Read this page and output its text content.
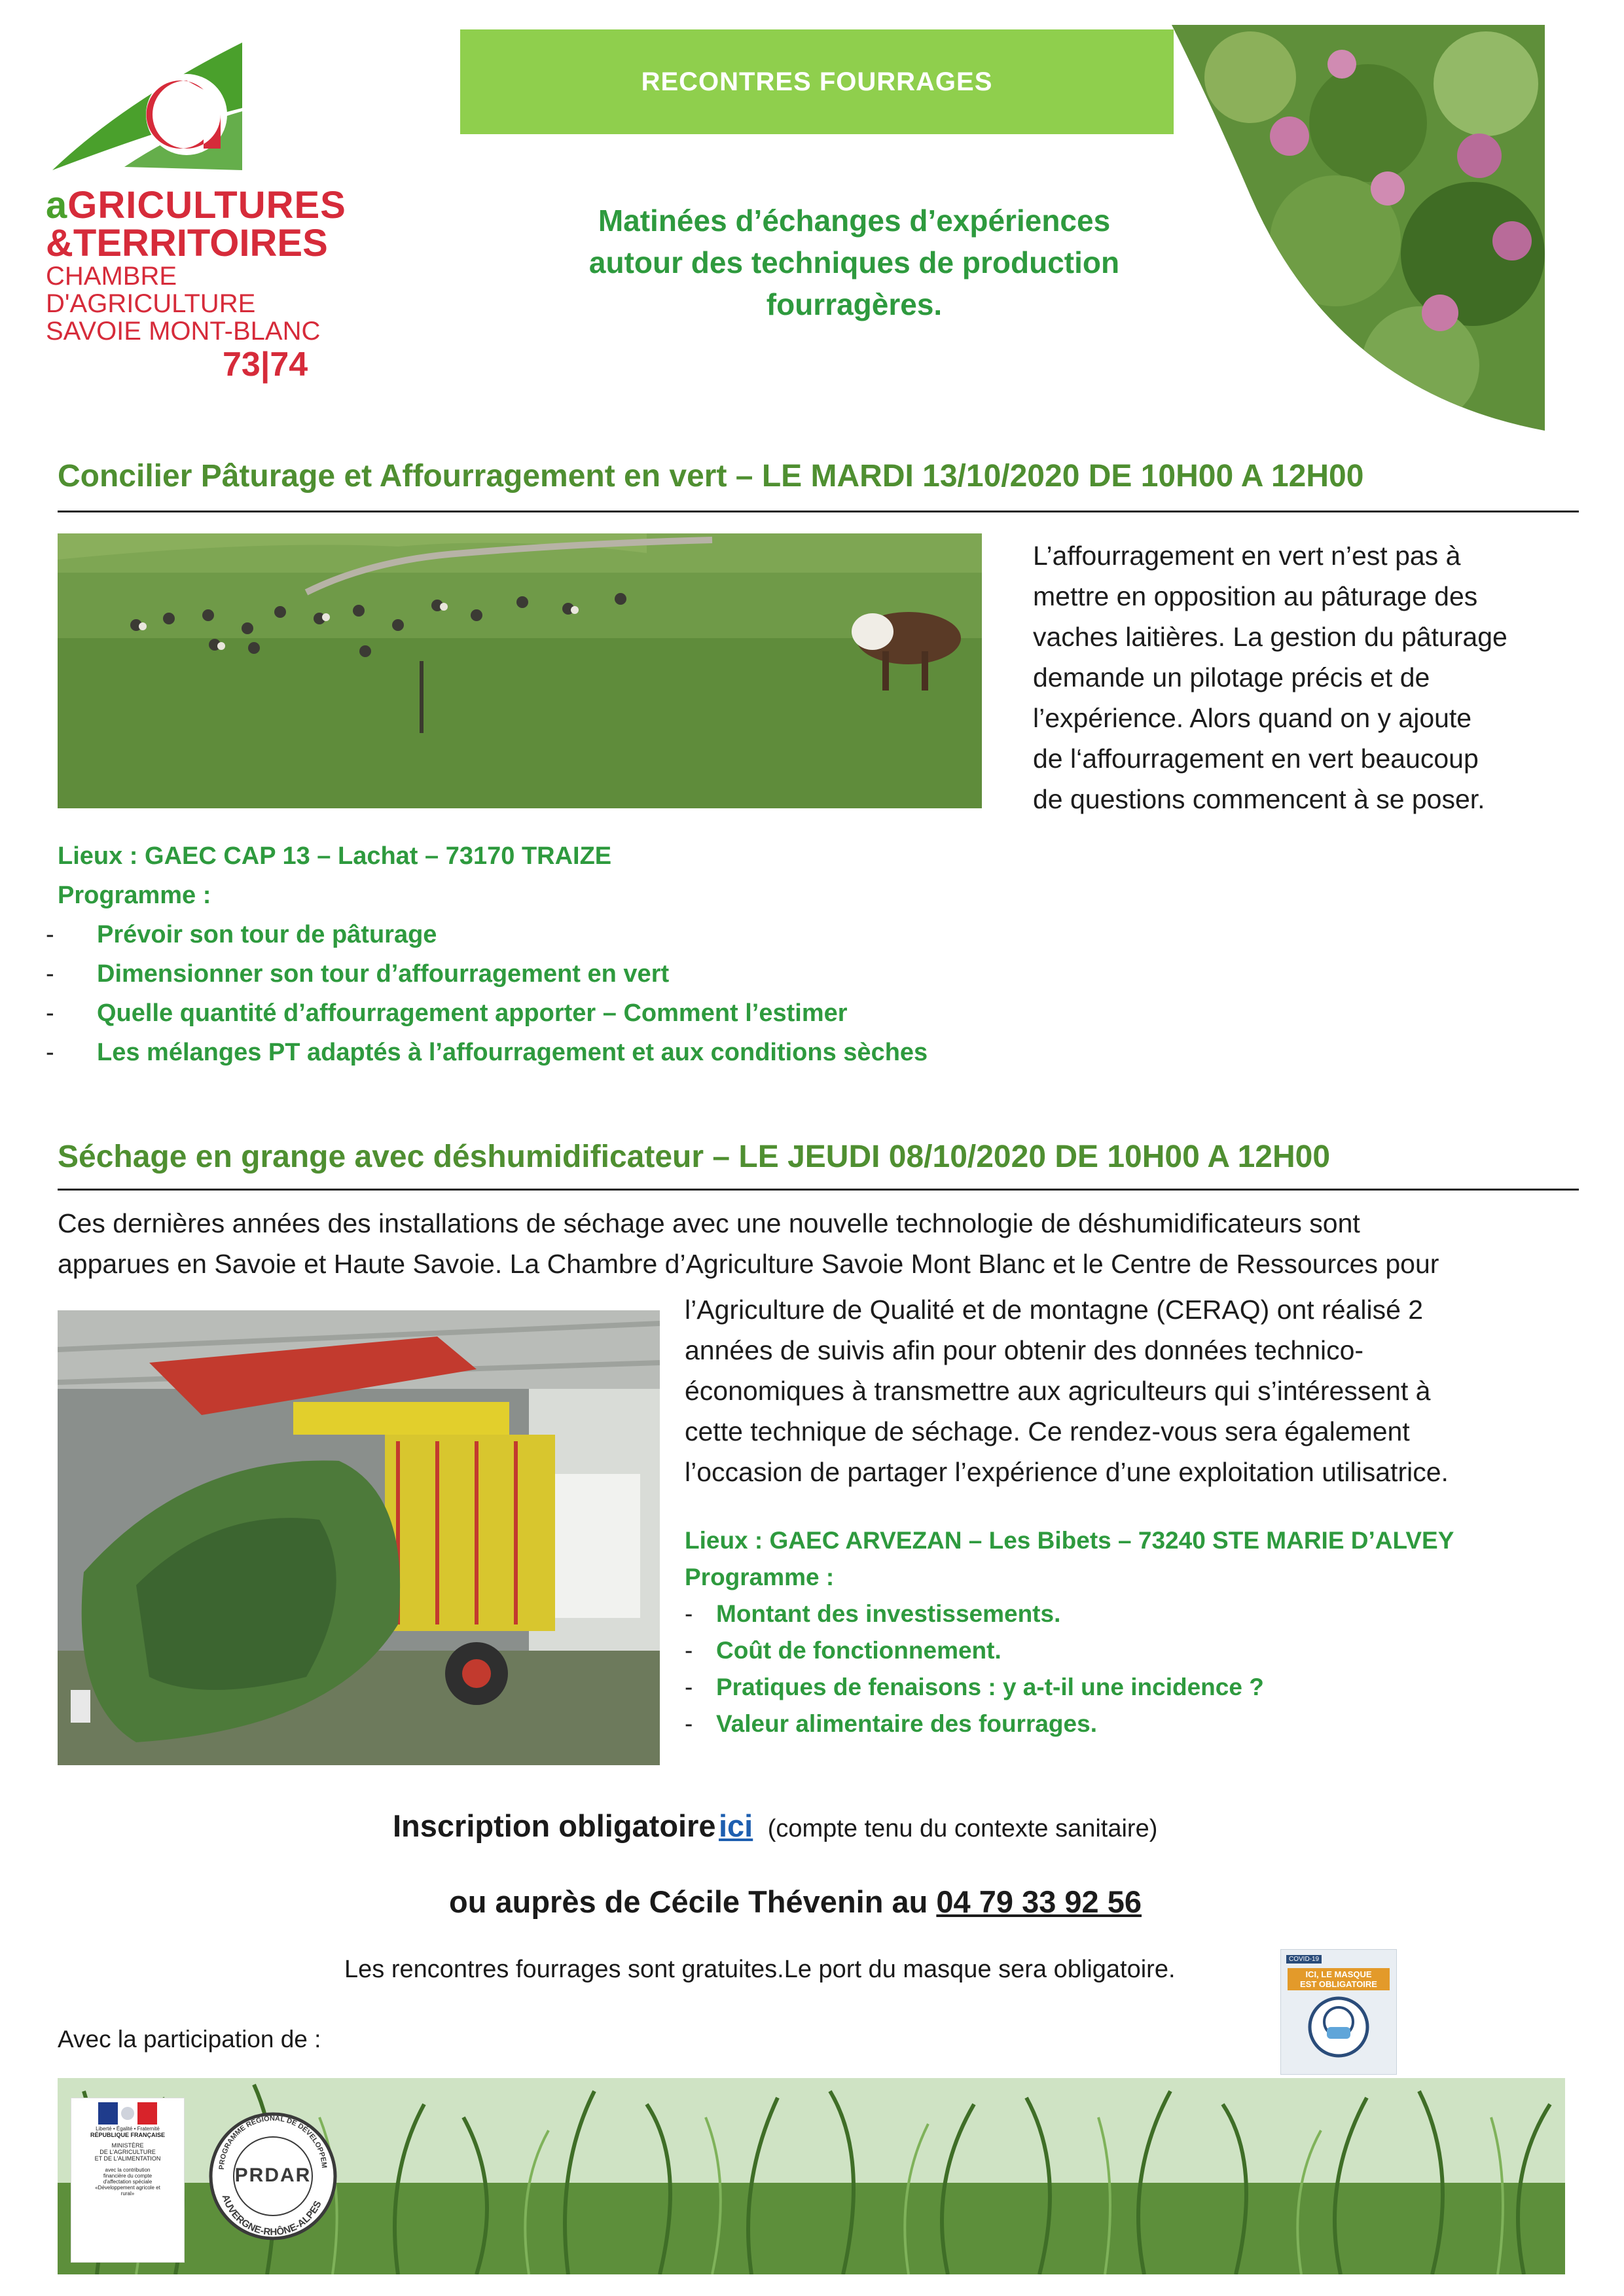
aGRICULTURES
&TERRITOIRES
CHAMBRE D'AGRICULTURE
SAVOIE MONT-BLANC
73|74
RECONTRES FOURRAGES
Matinées d’échanges d’expériences
autour des techniques de production
fourragères.
Concilier Pâturage et Affourragement en vert – LE MARDI 13/10/2020 DE 10H00 A 12H00
L’affourragement en vert n’est pas à
mettre en opposition au pâturage des
vaches laitières. La gestion du pâturage
demande un pilotage précis et de
l’expérience. Alors quand on y ajoute
de l‘affourragement en vert beaucoup
de questions commencent à se poser.
Lieux : GAEC CAP 13 – Lachat – 73170 TRAIZE
Programme :
- Prévoir son tour de pâturage
- Dimensionner son tour d’affourragement en vert
- Quelle quantité d’affourragement apporter – Comment l’estimer
- Les mélanges PT adaptés à l’affourragement et aux conditions sèches
Séchage en grange avec déshumidificateur – LE JEUDI 08/10/2020 DE 10H00 A 12H00
Ces dernières années des installations de séchage avec une nouvelle technologie de déshumidificateurs sont
apparues en Savoie et Haute Savoie. La Chambre d’Agriculture Savoie Mont Blanc et le Centre de Ressources pour
l’Agriculture de Qualité et de montagne (CERAQ) ont réalisé 2
années de suivis afin pour obtenir des données technico-
économiques à transmettre aux agriculteurs qui s’intéressent à
cette technique de séchage. Ce rendez-vous sera également
l’occasion de partager l’expérience d’une exploitation utilisatrice.
Lieux : GAEC ARVEZAN – Les Bibets – 73240 STE MARIE D’ALVEY
Programme :
- Montant des investissements.
- Coût de fonctionnement.
- Pratiques de fenaisons : y a-t-il une incidence ?
- Valeur alimentaire des fourrages.
Inscription obligatoire ici (compte tenu du contexte sanitaire)
ou auprès de Cécile Thévenin au 04 79 33 92 56
Les rencontres fourrages sont gratuites.Le port du masque sera obligatoire.	COVID-19
ICI, LE MASQUE
EST OBLIGATOIRE
Avec la participation de :
Liberté • Égalité • Fraternité
RÉPUBLIQUE FRANÇAISE
MINISTÈRE
DE L'AGRICULTURE
ET DE L'ALIMENTATION
avec la contribution
financière du compte
d'affectation spéciale
«Développement agricole et
rural»
PROGRAMME RÉGIONAL DE DÉVELOPPEM
AUVERGNE-RHÔNE-ALPES
PRDAR
